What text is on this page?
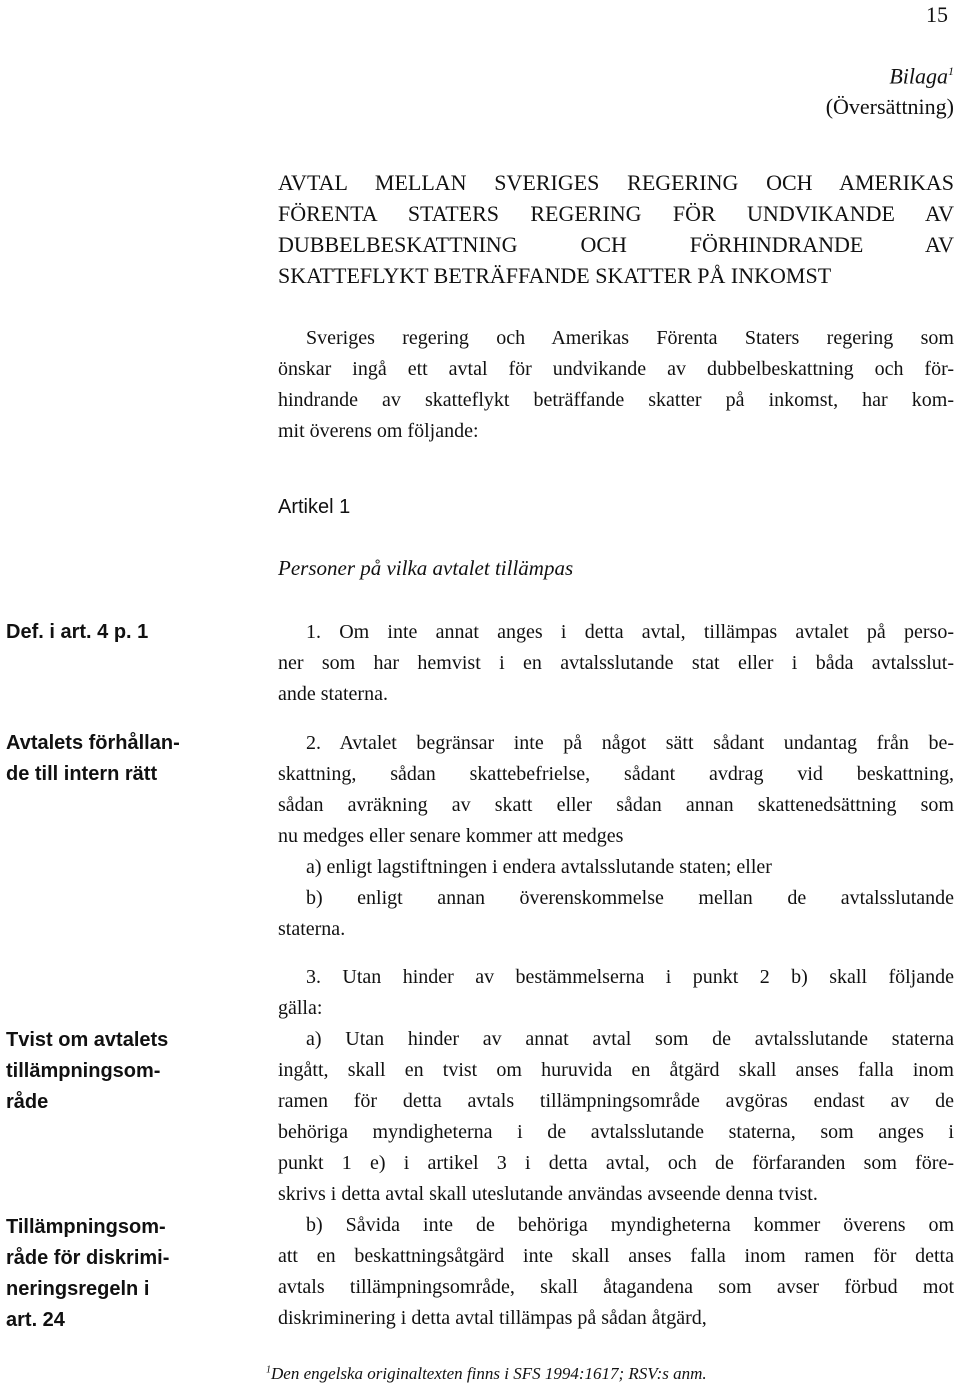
15
Bilaga$^1$
(Översättning)
AVTAL MELLAN SVERIGES REGERING OCH AMERIKAS
FÖRENTA STATERS REGERING FÖR UNDVIKANDE AV
DUBBELBESKATTNING OCH FÖRHINDRANDE AV
SKATTEFLYKT BETRÄFFANDE SKATTER PÅ INKOMST
Sveriges regering och Amerikas Förenta Staters regering som
önskar ingå ett avtal för undvikande av dubbelbeskattning och för-
hindrande av skatteflykt beträffande skatter på inkomst, har kom-
mit överens om följande:
Artikel 1
Personer på vilka avtalet tillämpas
Def. i art. 4 p. 1
Avtalets förhållan-
de till intern rätt
Tvist om avtalets
tillämpningsom-
råde
Tillämpningsom-
råde för diskrimi-
neringsregeln i
art. 24
1. Om inte annat anges i detta avtal, tillämpas avtalet på perso-
ner som har hemvist i en avtalsslutande stat eller i båda avtalsslut-
ande staterna.
2. Avtalet begränsar inte på något sätt sådant undantag från be-
skattning, sådan skattebefrielse, sådant avdrag vid beskattning,
sådan avräkning av skatt eller sådan annan skattenedsättning som
nu medges eller senare kommer att medges
a) enligt lagstiftningen i endera avtalsslutande staten; eller
b) enligt annan överenskommelse mellan de avtalsslutande
staterna.
3. Utan hinder av bestämmelserna i punkt 2 b) skall följande
gälla:
a) Utan hinder av annat avtal som de avtalsslutande staterna
ingått, skall en tvist om huruvida en åtgärd skall anses falla inom
ramen för detta avtals tillämpningsområde avgöras endast av de
behöriga myndigheterna i de avtalsslutande staterna, som anges i
punkt 1 e) i artikel 3 i detta avtal, och de förfaranden som före-
skrivs i detta avtal skall uteslutande användas avseende denna tvist.
b) Såvida inte de behöriga myndigheterna kommer överens om
att en beskattningsåtgärd inte skall anses falla inom ramen för detta
avtals tillämpningsområde, skall åtagandena som avser förbud mot
diskriminering i detta avtal tillämpas på sådan åtgärd,
$^1$Den engelska originaltexten finns i SFS 1994:1617; RSV:s anm.
